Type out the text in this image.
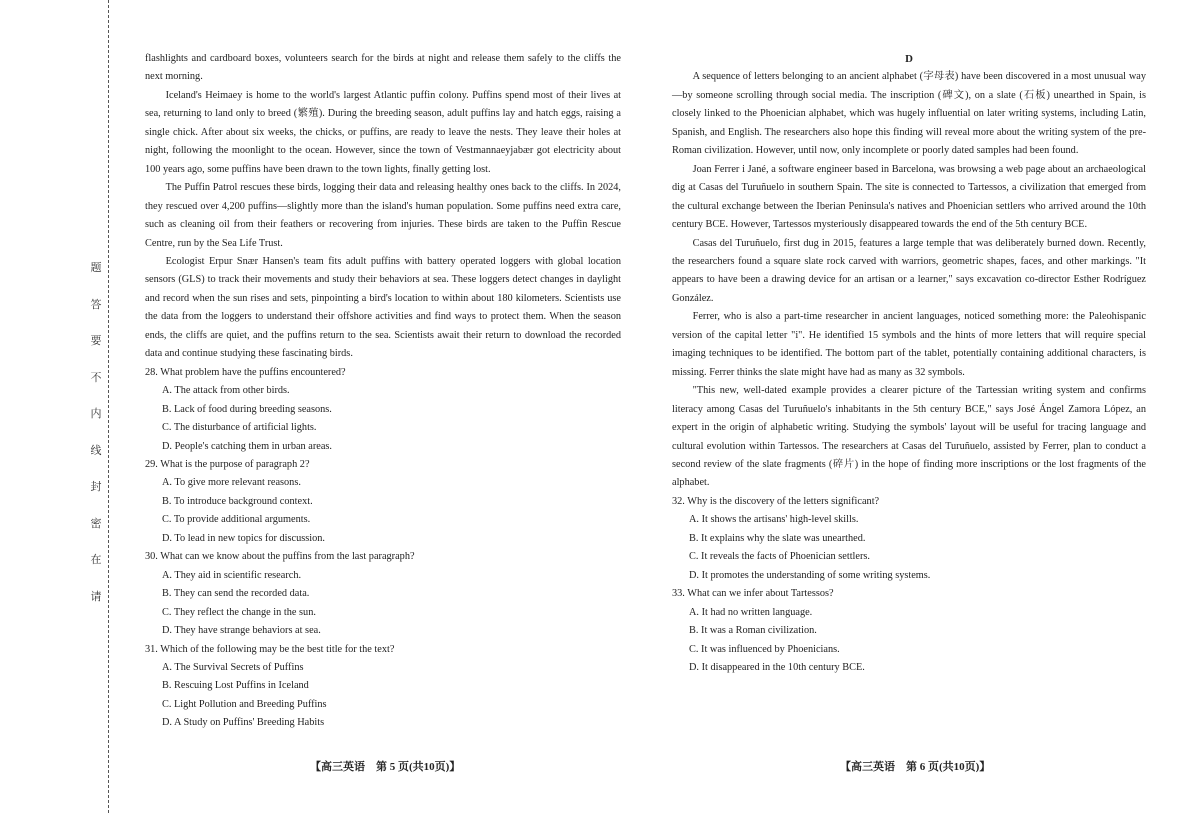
题
答
要
不
内
线
封
密
在
请

flashlights and cardboard boxes, volunteers search for the birds at night and release them safely to the cliffs the next morning.

Iceland's Heimaey is home to the world's largest Atlantic puffin colony. Puffins spend most of their lives at sea, returning to land only to breed (繁殖). During the breeding season, adult puffins lay and hatch eggs, raising a single chick. After about six weeks, the chicks, or puffins, are ready to leave the nests. They leave their holes at night, following the moonlight to the ocean. However, since the town of Vestmannaeyjabær got electricity about 100 years ago, some puffins have been drawn to the town lights, finally getting lost.

The Puffin Patrol rescues these birds, logging their data and releasing healthy ones back to the cliffs. In 2024, they rescued over 4,200 puffins—slightly more than the island's human population. Some puffins need extra care, such as cleaning oil from their feathers or recovering from injuries. These birds are taken to the Puffin Rescue Centre, run by the Sea Life Trust.

Ecologist Erpur Snær Hansen's team fits adult puffins with battery operated loggers with global location sensors (GLS) to track their movements and study their behaviors at sea. These loggers detect changes in daylight and record when the sun rises and sets, pinpointing a bird's location to within about 180 kilometers. Scientists use the data from the loggers to understand their offshore activities and find ways to protect them. When the season ends, the cliffs are quiet, and the puffins return to the sea. Scientists await their return to download the recorded data and continue studying these fascinating birds.

28. What problem have the puffins encountered?

A. The attack from other birds.

B. Lack of food during breeding seasons.

C. The disturbance of artificial lights.

D. People's catching them in urban areas.

29. What is the purpose of paragraph 2?

A. To give more relevant reasons.

B. To introduce background context.

C. To provide additional arguments.

D. To lead in new topics for discussion.

30. What can we know about the puffins from the last paragraph?

A. They aid in scientific research.

B. They can send the recorded data.

C. They reflect the change in the sun.

D. They have strange behaviors at sea.

31. Which of the following may be the best title for the text?

A. The Survival Secrets of Puffins

B. Rescuing Lost Puffins in Iceland

C. Light Pollution and Breeding Puffins

D. A Study on Puffins' Breeding Habits

D

A sequence of letters belonging to an ancient alphabet (字母表) have been discovered in a most unusual way—by someone scrolling through social media. The inscription (碑文), on a slate (石板) unearthed in Spain, is closely linked to the Phoenician alphabet, which was hugely influential on later writing systems, including Latin, Spanish, and English. The researchers also hope this finding will reveal more about the writing system of the pre-Roman civilization. However, until now, only incomplete or poorly dated samples had been found.

Joan Ferrer i Jané, a software engineer based in Barcelona, was browsing a web page about an archaeological dig at Casas del Turuñuelo in southern Spain. The site is connected to Tartessos, a civilization that emerged from the cultural exchange between the Iberian Peninsula's natives and Phoenician settlers who arrived around the 10th century BCE. However, Tartessos mysteriously disappeared towards the end of the 5th century BCE.

Casas del Turuñuelo, first dug in 2015, features a large temple that was deliberately burned down. Recently, the researchers found a square slate rock carved with warriors, geometric shapes, faces, and other markings. "It appears to have been a drawing device for an artisan or a learner," says excavation co-director Esther Rodríguez González.

Ferrer, who is also a part-time researcher in ancient languages, noticed something more: the Paleohispanic version of the capital letter "i". He identified 15 symbols and the hints of more letters that will require special imaging techniques to be identified. The bottom part of the tablet, potentially containing additional characters, is missing. Ferrer thinks the slate might have had as many as 32 symbols.

"This new, well-dated example provides a clearer picture of the Tartessian writing system and confirms literacy among Casas del Turuñuelo's inhabitants in the 5th century BCE," says José Ángel Zamora López, an expert in the origin of alphabetic writing. Studying the symbols' layout will be useful for tracing language and cultural evolution within Tartessos. The researchers at Casas del Turuñuelo, assisted by Ferrer, plan to conduct a second review of the slate fragments (碎片) in the hope of finding more inscriptions or the lost fragments of the alphabet.

32. Why is the discovery of the letters significant?

A. It shows the artisans' high-level skills.

B. It explains why the slate was unearthed.

C. It reveals the facts of Phoenician settlers.

D. It promotes the understanding of some writing systems.

33. What can we infer about Tartessos?

A. It had no written language.

B. It was a Roman civilization.

C. It was influenced by Phoenicians.

D. It disappeared in the 10th century BCE.

【高三英语　第 5 页(共10页)】	【高三英语　第 6 页(共10页)】
